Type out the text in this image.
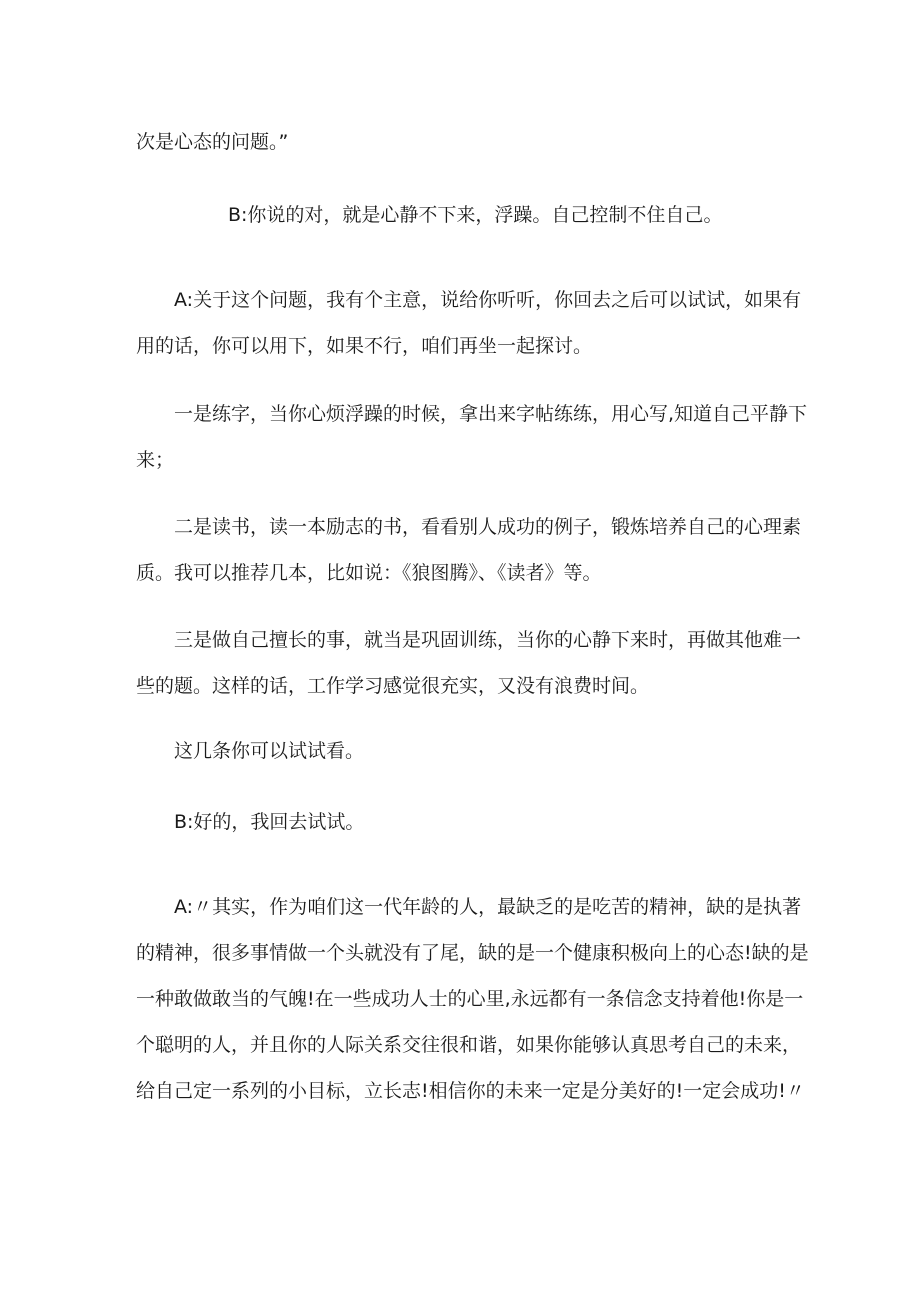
次是心态的问题。”
B:你说的对，就是心静不下来，浮躁。自己控制不住自己。
A:关于这个问题，我有个主意，说给你听听，你回去之后可以试试，如果有
用的话，你可以用下，如果不行，咱们再坐一起探讨。
一是练字，当你心烦浮躁的时候，拿出来字帖练练，用心写,知道自己平静下
来；
二是读书，读一本励志的书，看看别人成功的例子，锻炼培养自己的心理素
质。我可以推荐几本，比如说：《狼图腾》、《读者》等。
三是做自己擅长的事，就当是巩固训练，当你的心静下来时，再做其他难一
些的题。这样的话，工作学习感觉很充实，又没有浪费时间。
这几条你可以试试看。
B:好的，我回去试试。
A:〃其实，作为咱们这一代年龄的人，最缺乏的是吃苦的精神，缺的是执著
的精神，很多事情做一个头就没有了尾，缺的是一个健康积极向上的心态!缺的是
一种敢做敢当的气魄!在一些成功人士的心里,永远都有一条信念支持着他!你是一
个聪明的人，并且你的人际关系交往很和谐，如果你能够认真思考自己的未来，
给自己定一系列的小目标，立长志!相信你的未来一定是分美好的!一定会成功!〃
